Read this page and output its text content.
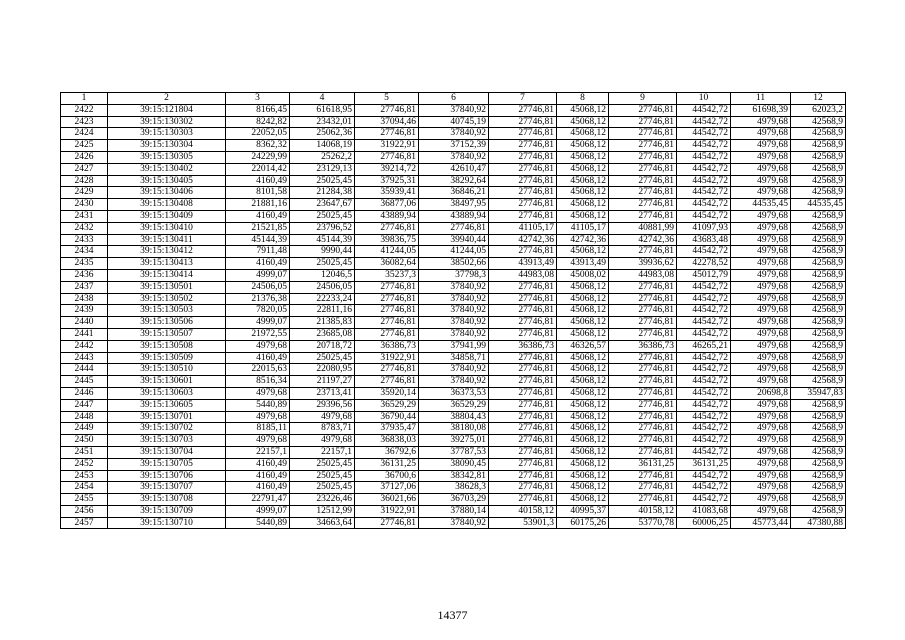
1	2	3	4	5	6	7	8	9	10	11	12
2422	39:15:121804	8166,45	61618,95	27746,81	37840,92	27746,81	45068,12	27746,81	44542,72	61698,39	62023,2
2423	39:15:130302	8242,82	23432,01	37094,46	40745,19	27746,81	45068,12	27746,81	44542,72	4979,68	42568,9
2424	39:15:130303	22052,05	25062,36	27746,81	37840,92	27746,81	45068,12	27746,81	44542,72	4979,68	42568,9
2425	39:15:130304	8362,32	14068,19	31922,91	37152,39	27746,81	45068,12	27746,81	44542,72	4979,68	42568,9
2426	39:15:130305	24229,99	25262,2	27746,81	37840,92	27746,81	45068,12	27746,81	44542,72	4979,68	42568,9
2427	39:15:130402	22014,42	23129,13	39214,72	42610,47	27746,81	45068,12	27746,81	44542,72	4979,68	42568,9
2428	39:15:130405	4160,49	25025,45	37925,31	38292,64	27746,81	45068,12	27746,81	44542,72	4979,68	42568,9
2429	39:15:130406	8101,58	21284,38	35939,41	36846,21	27746,81	45068,12	27746,81	44542,72	4979,68	42568,9
2430	39:15:130408	21881,16	23647,67	36877,06	38497,95	27746,81	45068,12	27746,81	44542,72	44535,45	44535,45
2431	39:15:130409	4160,49	25025,45	43889,94	43889,94	27746,81	45068,12	27746,81	44542,72	4979,68	42568,9
2432	39:15:130410	21521,85	23796,52	27746,81	27746,81	41105,17	41105,17	40881,99	41097,93	4979,68	42568,9
2433	39:15:130411	45144,39	45144,39	39836,75	39940,44	42742,36	42742,36	42742,36	43683,48	4979,68	42568,9
2434	39:15:130412	7911,48	9990,44	41244,05	41244,05	27746,81	45068,12	27746,81	44542,72	4979,68	42568,9
2435	39:15:130413	4160,49	25025,45	36082,64	38502,66	43913,49	43913,49	39936,62	42278,52	4979,68	42568,9
2436	39:15:130414	4999,07	12046,5	35237,3	37798,3	44983,08	45008,02	44983,08	45012,79	4979,68	42568,9
2437	39:15:130501	24506,05	24506,05	27746,81	37840,92	27746,81	45068,12	27746,81	44542,72	4979,68	42568,9
2438	39:15:130502	21376,38	22233,24	27746,81	37840,92	27746,81	45068,12	27746,81	44542,72	4979,68	42568,9
2439	39:15:130503	7820,05	22811,16	27746,81	37840,92	27746,81	45068,12	27746,81	44542,72	4979,68	42568,9
2440	39:15:130506	4999,07	21385,83	27746,81	37840,92	27746,81	45068,12	27746,81	44542,72	4979,68	42568,9
2441	39:15:130507	21972,55	23685,08	27746,81	37840,92	27746,81	45068,12	27746,81	44542,72	4979,68	42568,9
2442	39:15:130508	4979,68	20718,72	36386,73	37941,99	36386,73	46326,57	36386,73	46265,21	4979,68	42568,9
2443	39:15:130509	4160,49	25025,45	31922,91	34858,71	27746,81	45068,12	27746,81	44542,72	4979,68	42568,9
2444	39:15:130510	22015,63	22080,95	27746,81	37840,92	27746,81	45068,12	27746,81	44542,72	4979,68	42568,9
2445	39:15:130601	8516,34	21197,27	27746,81	37840,92	27746,81	45068,12	27746,81	44542,72	4979,68	42568,9
2446	39:15:130603	4979,68	23713,41	35920,14	36373,53	27746,81	45068,12	27746,81	44542,72	20698,8	35947,83
2447	39:15:130605	5440,89	29396,56	36529,29	36529,29	27746,81	45068,12	27746,81	44542,72	4979,68	42568,9
2448	39:15:130701	4979,68	4979,68	36790,44	38804,43	27746,81	45068,12	27746,81	44542,72	4979,68	42568,9
2449	39:15:130702	8185,11	8783,71	37935,47	38180,08	27746,81	45068,12	27746,81	44542,72	4979,68	42568,9
2450	39:15:130703	4979,68	4979,68	36838,03	39275,01	27746,81	45068,12	27746,81	44542,72	4979,68	42568,9
2451	39:15:130704	22157,1	22157,1	36792,6	37787,53	27746,81	45068,12	27746,81	44542,72	4979,68	42568,9
2452	39:15:130705	4160,49	25025,45	36131,25	38090,45	27746,81	45068,12	36131,25	36131,25	4979,68	42568,9
2453	39:15:130706	4160,49	25025,45	36700,6	38342,81	27746,81	45068,12	27746,81	44542,72	4979,68	42568,9
2454	39:15:130707	4160,49	25025,45	37127,06	38628,3	27746,81	45068,12	27746,81	44542,72	4979,68	42568,9
2455	39:15:130708	22791,47	23226,46	36021,66	36703,29	27746,81	45068,12	27746,81	44542,72	4979,68	42568,9
2456	39:15:130709	4999,07	12512,99	31922,91	37880,14	40158,12	40995,37	40158,12	41083,68	4979,68	42568,9
2457	39:15:130710	5440,89	34663,64	27746,81	37840,92	53901,3	60175,26	53770,78	60006,25	45773,44	47380,88
14377
